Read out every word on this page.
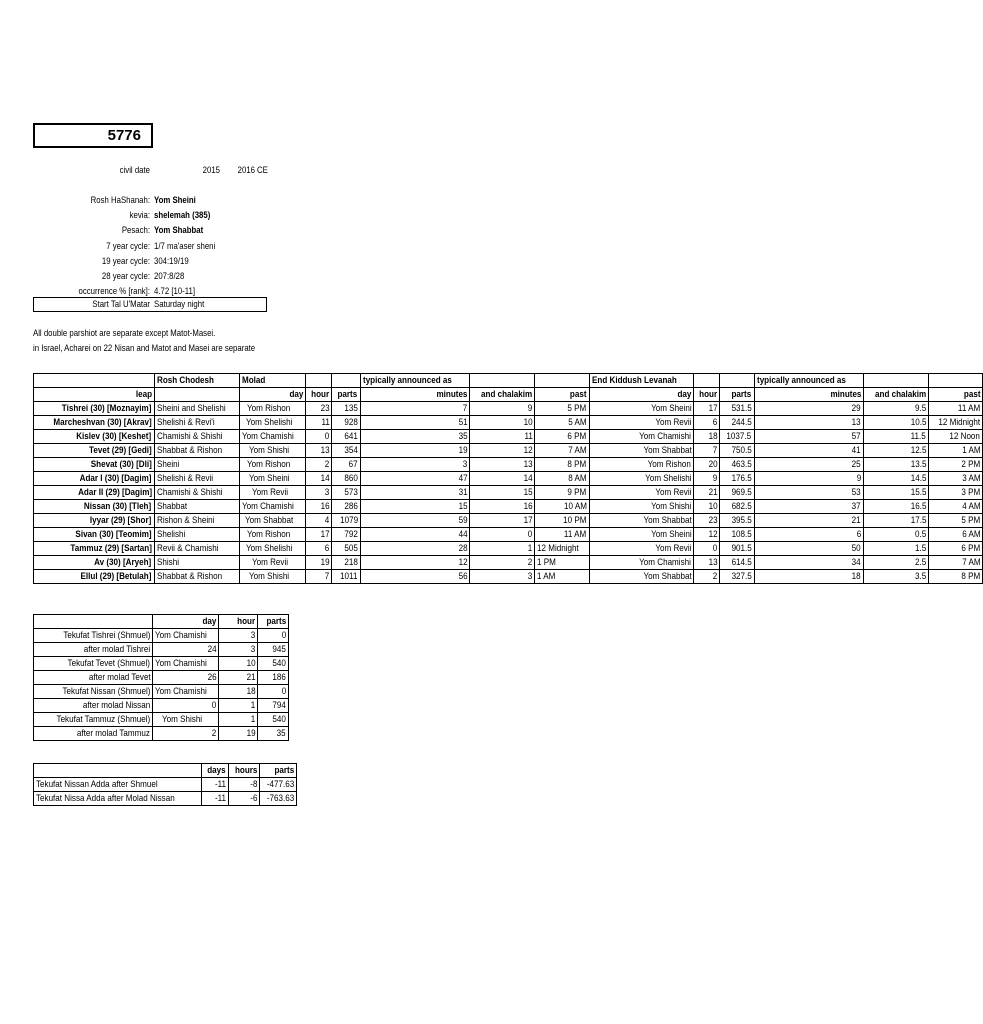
5776
civil date	2015	2016 CE
Rosh HaShanah: Yom Sheini
kevia: shelemah (385)
Pesach: Yom Shabbat
7 year cycle: 1/7 ma'aser sheni
19 year cycle: 304:19/19
28 year cycle: 207:8/28
occurrence % [rank]: 4.72 [10-11]
Start Tal U'Matar Saturday night
All double parshiot are separate except Matot-Masei.
in Israel, Acharei on 22 Nisan and Matot and Masei are separate
	Rosh Chodesh	Molad			typically announced as			End Kiddush Levanah			typically announced as		
leap		day	hour	parts	minutes	and chalakim	past	day	hour	parts	minutes	and chalakim	past
Tishrei (30) [Moznayim]	Sheini and Shelishi	Yom Rishon	23	135	7	9	5 PM	Yom Sheini	17	531.5	29	9.5	11 AM
Marcheshvan (30) [Akrav]	Shelishi & Revi'i	Yom Shelishi	11	928	51	10	5 AM	Yom Revii	6	244.5	13	10.5	12 Midnight
Kislev (30) [Keshet]	Chamishi & Shishi	Yom Chamishi	0	641	35	11	6 PM	Yom Chamishi	18	1037.5	57	11.5	12 Noon
Tevet (29) [Gedi]	Shabbat & Rishon	Yom Shishi	13	354	19	12	7 AM	Yom Shabbat	7	750.5	41	12.5	1 AM
Shevat (30) [Dli]	Sheini	Yom Rishon	2	67	3	13	8 PM	Yom Rishon	20	463.5	25	13.5	2 PM
Adar I (30) [Dagim]	Shelishi & Revii	Yom Sheini	14	860	47	14	8 AM	Yom Shelishi	9	176.5	9	14.5	3 AM
Adar II (29) [Dagim]	Chamishi & Shishi	Yom Revii	3	573	31	15	9 PM	Yom Revii	21	969.5	53	15.5	3 PM
Nissan (30) [Tleh]	Shabbat	Yom Chamishi	16	286	15	16	10 AM	Yom Shishi	10	682.5	37	16.5	4 AM
Iyyar (29) [Shor]	Rishon & Sheini	Yom Shabbat	4	1079	59	17	10 PM	Yom Shabbat	23	395.5	21	17.5	5 PM
Sivan (30) [Teomim]	Shelishi	Yom Rishon	17	792	44	0	11 AM	Yom Sheini	12	108.5	6	0.5	6 AM
Tammuz (29) [Sartan]	Revii & Chamishi	Yom Shelishi	6	505	28	1	12 Midnight	Yom Revii	0	901.5	50	1.5	6 PM
Av (30) [Aryeh]	Shishi	Yom Revii	19	218	12	2	1 PM	Yom Chamishi	13	614.5	34	2.5	7 AM
Ellul (29) [Betulah]	Shabbat & Rishon	Yom Shishi	7	1011	56	3	1 AM	Yom Shabbat	2	327.5	18	3.5	8 PM
	day	hour	parts
Tekufat Tishrei (Shmuel)	Yom Chamishi	3	0
after molad Tishrei	24	3	945
Tekufat Tevet (Shmuel)	Yom Chamishi	10	540
after molad Tevet	26	21	186
Tekufat Nissan (Shmuel)	Yom Chamishi	18	0
after molad Nissan	0	1	794
Tekufat Tammuz (Shmuel)	Yom Shishi	1	540
after molad Tammuz	2	19	35
	days	hours	parts
Tekufat Nissan Adda after Shmuel	-11	-8	-477.63
Tekufat Nissa Adda after Molad Nissan	-11	-6	-763.63
